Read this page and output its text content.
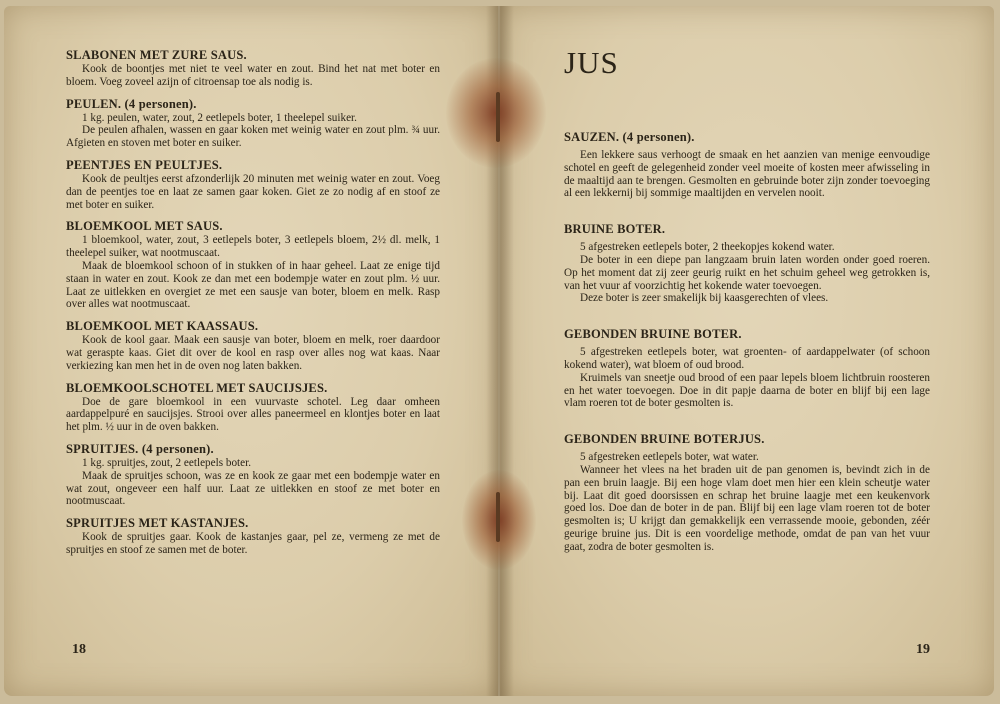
SLABONEN MET ZURE SAUS.

Kook de boontjes met niet te veel water en zout. Bind het nat met boter en bloem. Voeg zoveel azijn of citroensap toe als nodig is.

PEULEN. (4 personen).

1 kg. peulen, water, zout, 2 eetlepels boter, 1 theelepel suiker.

De peulen afhalen, wassen en gaar koken met weinig water en zout plm. ¾ uur. Afgieten en stoven met boter en suiker.

PEENTJES EN PEULTJES.

Kook de peultjes eerst afzonderlijk 20 minuten met weinig water en zout. Voeg dan de peentjes toe en laat ze samen gaar koken. Giet ze zo nodig af en stoof ze met boter en suiker.

BLOEMKOOL MET SAUS.

1 bloemkool, water, zout, 3 eetlepels boter, 3 eetlepels bloem, 2½ dl. melk, 1 theelepel suiker, wat nootmuscaat.

Maak de bloemkool schoon of in stukken of in haar geheel. Laat ze enige tijd staan in water en zout. Kook ze dan met een bodempje water en zout plm. ½ uur. Laat ze uitlekken en overgiet ze met een sausje van boter, bloem en melk. Rasp over alles wat nootmuscaat.

BLOEMKOOL MET KAASSAUS.

Kook de kool gaar. Maak een sausje van boter, bloem en melk, roer daardoor wat geraspte kaas. Giet dit over de kool en rasp over alles nog wat kaas. Naar verkiezing kan men het in de oven nog laten bakken.

BLOEMKOOLSCHOTEL MET SAUCIJSJES.

Doe de gare bloemkool in een vuurvaste schotel. Leg daar omheen aardappelpuré en saucijsjes. Strooi over alles paneermeel en klontjes boter en laat het plm. ½ uur in de oven bakken.

SPRUITJES. (4 personen).

1 kg. spruitjes, zout, 2 eetlepels boter.

Maak de spruitjes schoon, was ze en kook ze gaar met een bodempje water en wat zout, ongeveer een half uur. Laat ze uitlekken en stoof ze met boter en nootmuscaat.

SPRUITJES MET KASTANJES.

Kook de spruitjes gaar. Kook de kastanjes gaar, pel ze, vermeng ze met de spruitjes en stoof ze samen met de boter.

18
JUS
SAUZEN. (4 personen).

Een lekkere saus verhoogt de smaak en het aanzien van menige eenvoudige schotel en geeft de gelegenheid zonder veel moeite of kosten meer afwisseling in de maaltijd aan te brengen. Gesmolten en gebruinde boter zijn zonder toevoeging al een lekkernij bij sommige maaltijden en vervelen nooit.

BRUINE BOTER.

5 afgestreken eetlepels boter, 2 theekopjes kokend water.

De boter in een diepe pan langzaam bruin laten worden onder goed roeren. Op het moment dat zij zeer geurig ruikt en het schuim geheel weg getrokken is, van het vuur af voorzichtig het kokende water toevoegen.

Deze boter is zeer smakelijk bij kaasgerechten of vlees.

GEBONDEN BRUINE BOTER.

5 afgestreken eetlepels boter, wat groenten- of aardappelwater (of schoon kokend water), wat bloem of oud brood.

Kruimels van sneetje oud brood of een paar lepels bloem lichtbruin roosteren en het water toevoegen. Doe in dit papje daarna de boter en blijf bij een lage vlam roeren tot de boter gesmolten is.

GEBONDEN BRUINE BOTERJUS.

5 afgestreken eetlepels boter, wat water.

Wanneer het vlees na het braden uit de pan genomen is, bevindt zich in de pan een bruin laagje. Bij een hoge vlam doet men hier een klein scheutje water bij. Laat dit goed doorsissen en schrap het bruine laagje met een keukenvork goed los. Doe dan de boter in de pan. Blijf bij een lage vlam roeren tot de boter gesmolten is; U krijgt dan gemakkelijk een verrassende mooie, gebonden, zéér geurige bruine jus. Dit is een voordelige methode, omdat de pan van het vuur gaat, zodra de boter gesmolten is.

19
